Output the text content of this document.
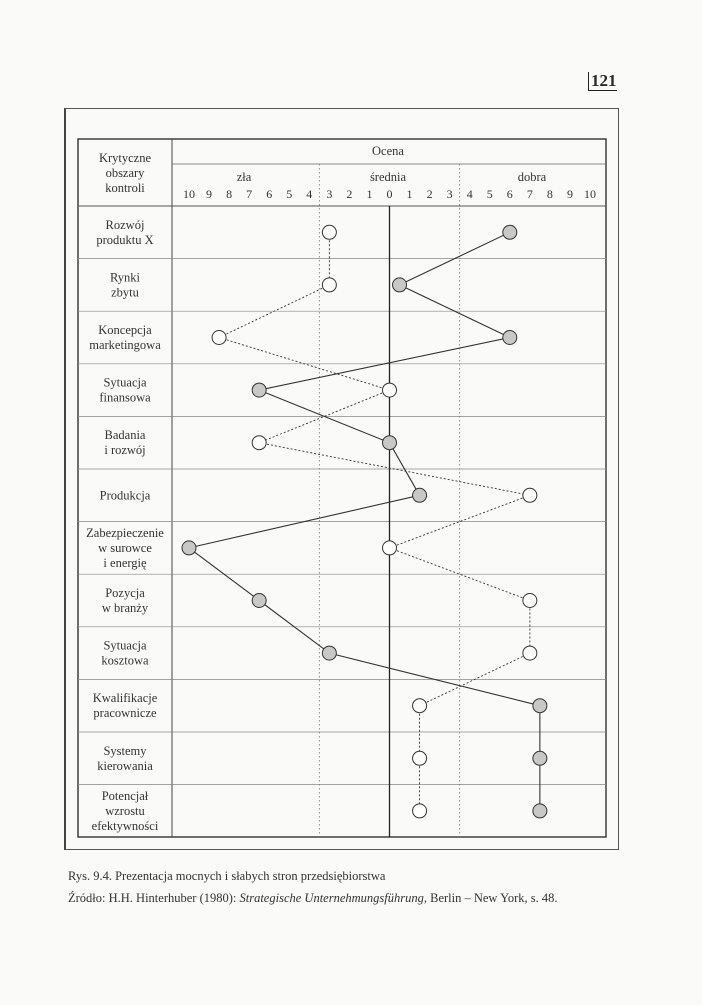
121
Krytyczne
obszary
kontroli
Ocena
zła	średnia	dobra
10 9 8 7 6 5 4 3 2 1 0 1 2 3 4 5 6 7 8 9 10
Rozwój
produktu X
Rynki
zbytu
Koncepcja
marketingowa
Sytuacja
finansowa
Badania
i rozwój
Produkcja
Zabezpieczenie
w surowce
i energię
Pozycja
w branży
Sytuacja
kosztowa
Kwalifikacje
pracownicze
Systemy
kierowania
Potencjał
wzrostu
efektywności
Rys. 9.4. Prezentacja mocnych i słabych stron przedsiębiorstwa
Źródło: H.H. Hinterhuber (1980): Strategische Unternehmungsführung, Berlin – New York, s. 48.
